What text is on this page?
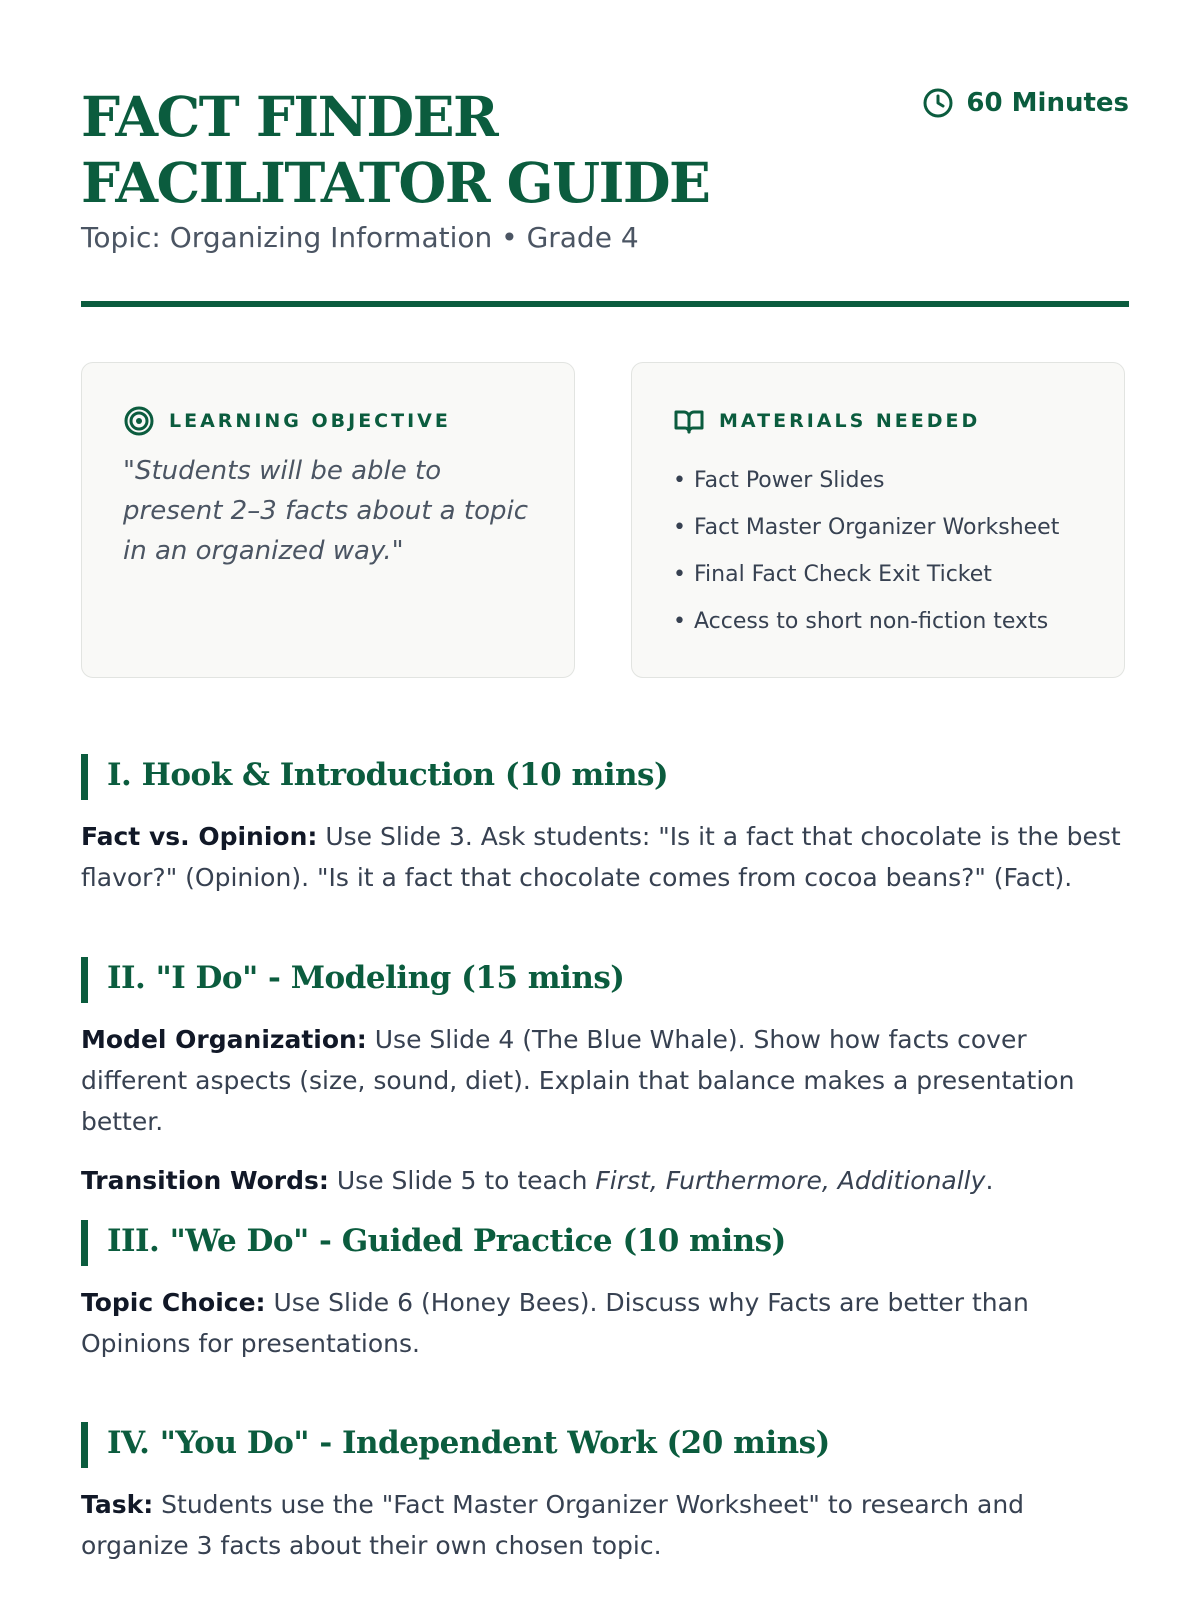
FACT FINDER FACILITATOR GUIDE
60 Minutes
Topic: Organizing Information • Grade 4
LEARNING OBJECTIVE

"Students will be able to present 2–3 facts about a topic in an organized way."

MATERIALS NEEDED
• Fact Power Slides
• Fact Master Organizer Worksheet
• Final Fact Check Exit Ticket
• Access to short non-fiction texts
I. Hook & Introduction (10 mins)

Fact vs. Opinion: Use Slide 3. Ask students: "Is it a fact that chocolate is the best flavor?" (Opinion). "Is it a fact that chocolate comes from cocoa beans?" (Fact).

II. "I Do" - Modeling (15 mins)

Model Organization: Use Slide 4 (The Blue Whale). Show how facts cover different aspects (size, sound, diet). Explain that balance makes a presentation better.

Transition Words: Use Slide 5 to teach First, Furthermore, Additionally.

III. "We Do" - Guided Practice (10 mins)

Topic Choice: Use Slide 6 (Honey Bees). Discuss why Facts are better than Opinions for presentations.

IV. "You Do" - Independent Work (20 mins)

Task: Students use the "Fact Master Organizer Worksheet" to research and organize 3 facts about their own chosen topic.
